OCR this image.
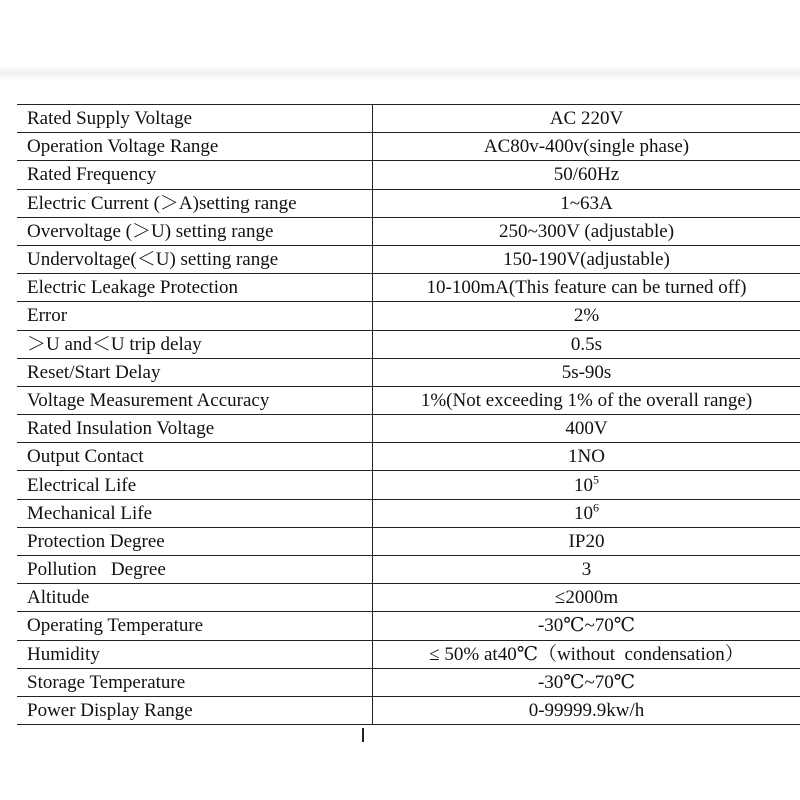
Rated Supply Voltage	AC 220V
Operation Voltage Range	AC80v-400v(single phase)
Rated Frequency	50/60Hz
Electric Current (＞A)setting range	1~63A
Overvoltage (＞U) setting range	250~300V (adjustable)
Undervoltage(＜U) setting range	150-190V(adjustable)
Electric Leakage Protection	10-100mA(This feature can be turned off)
Error	2%
＞U and＜U trip delay	0.5s
Reset/Start Delay	5s-90s
Voltage Measurement Accuracy	1%(Not exceeding 1% of the overall range)
Rated Insulation Voltage	400V
Output Contact	1NO
Electrical Life	$10^5$
Mechanical Life	$10^6$
Protection Degree	IP20
Pollution   Degree	3
Altitude	≤2000m
Operating Temperature	-30℃~70℃
Humidity	≤ 50% at40℃（without  condensation）
Storage Temperature	-30℃~70℃
Power Display Range	0-99999.9kw/h
